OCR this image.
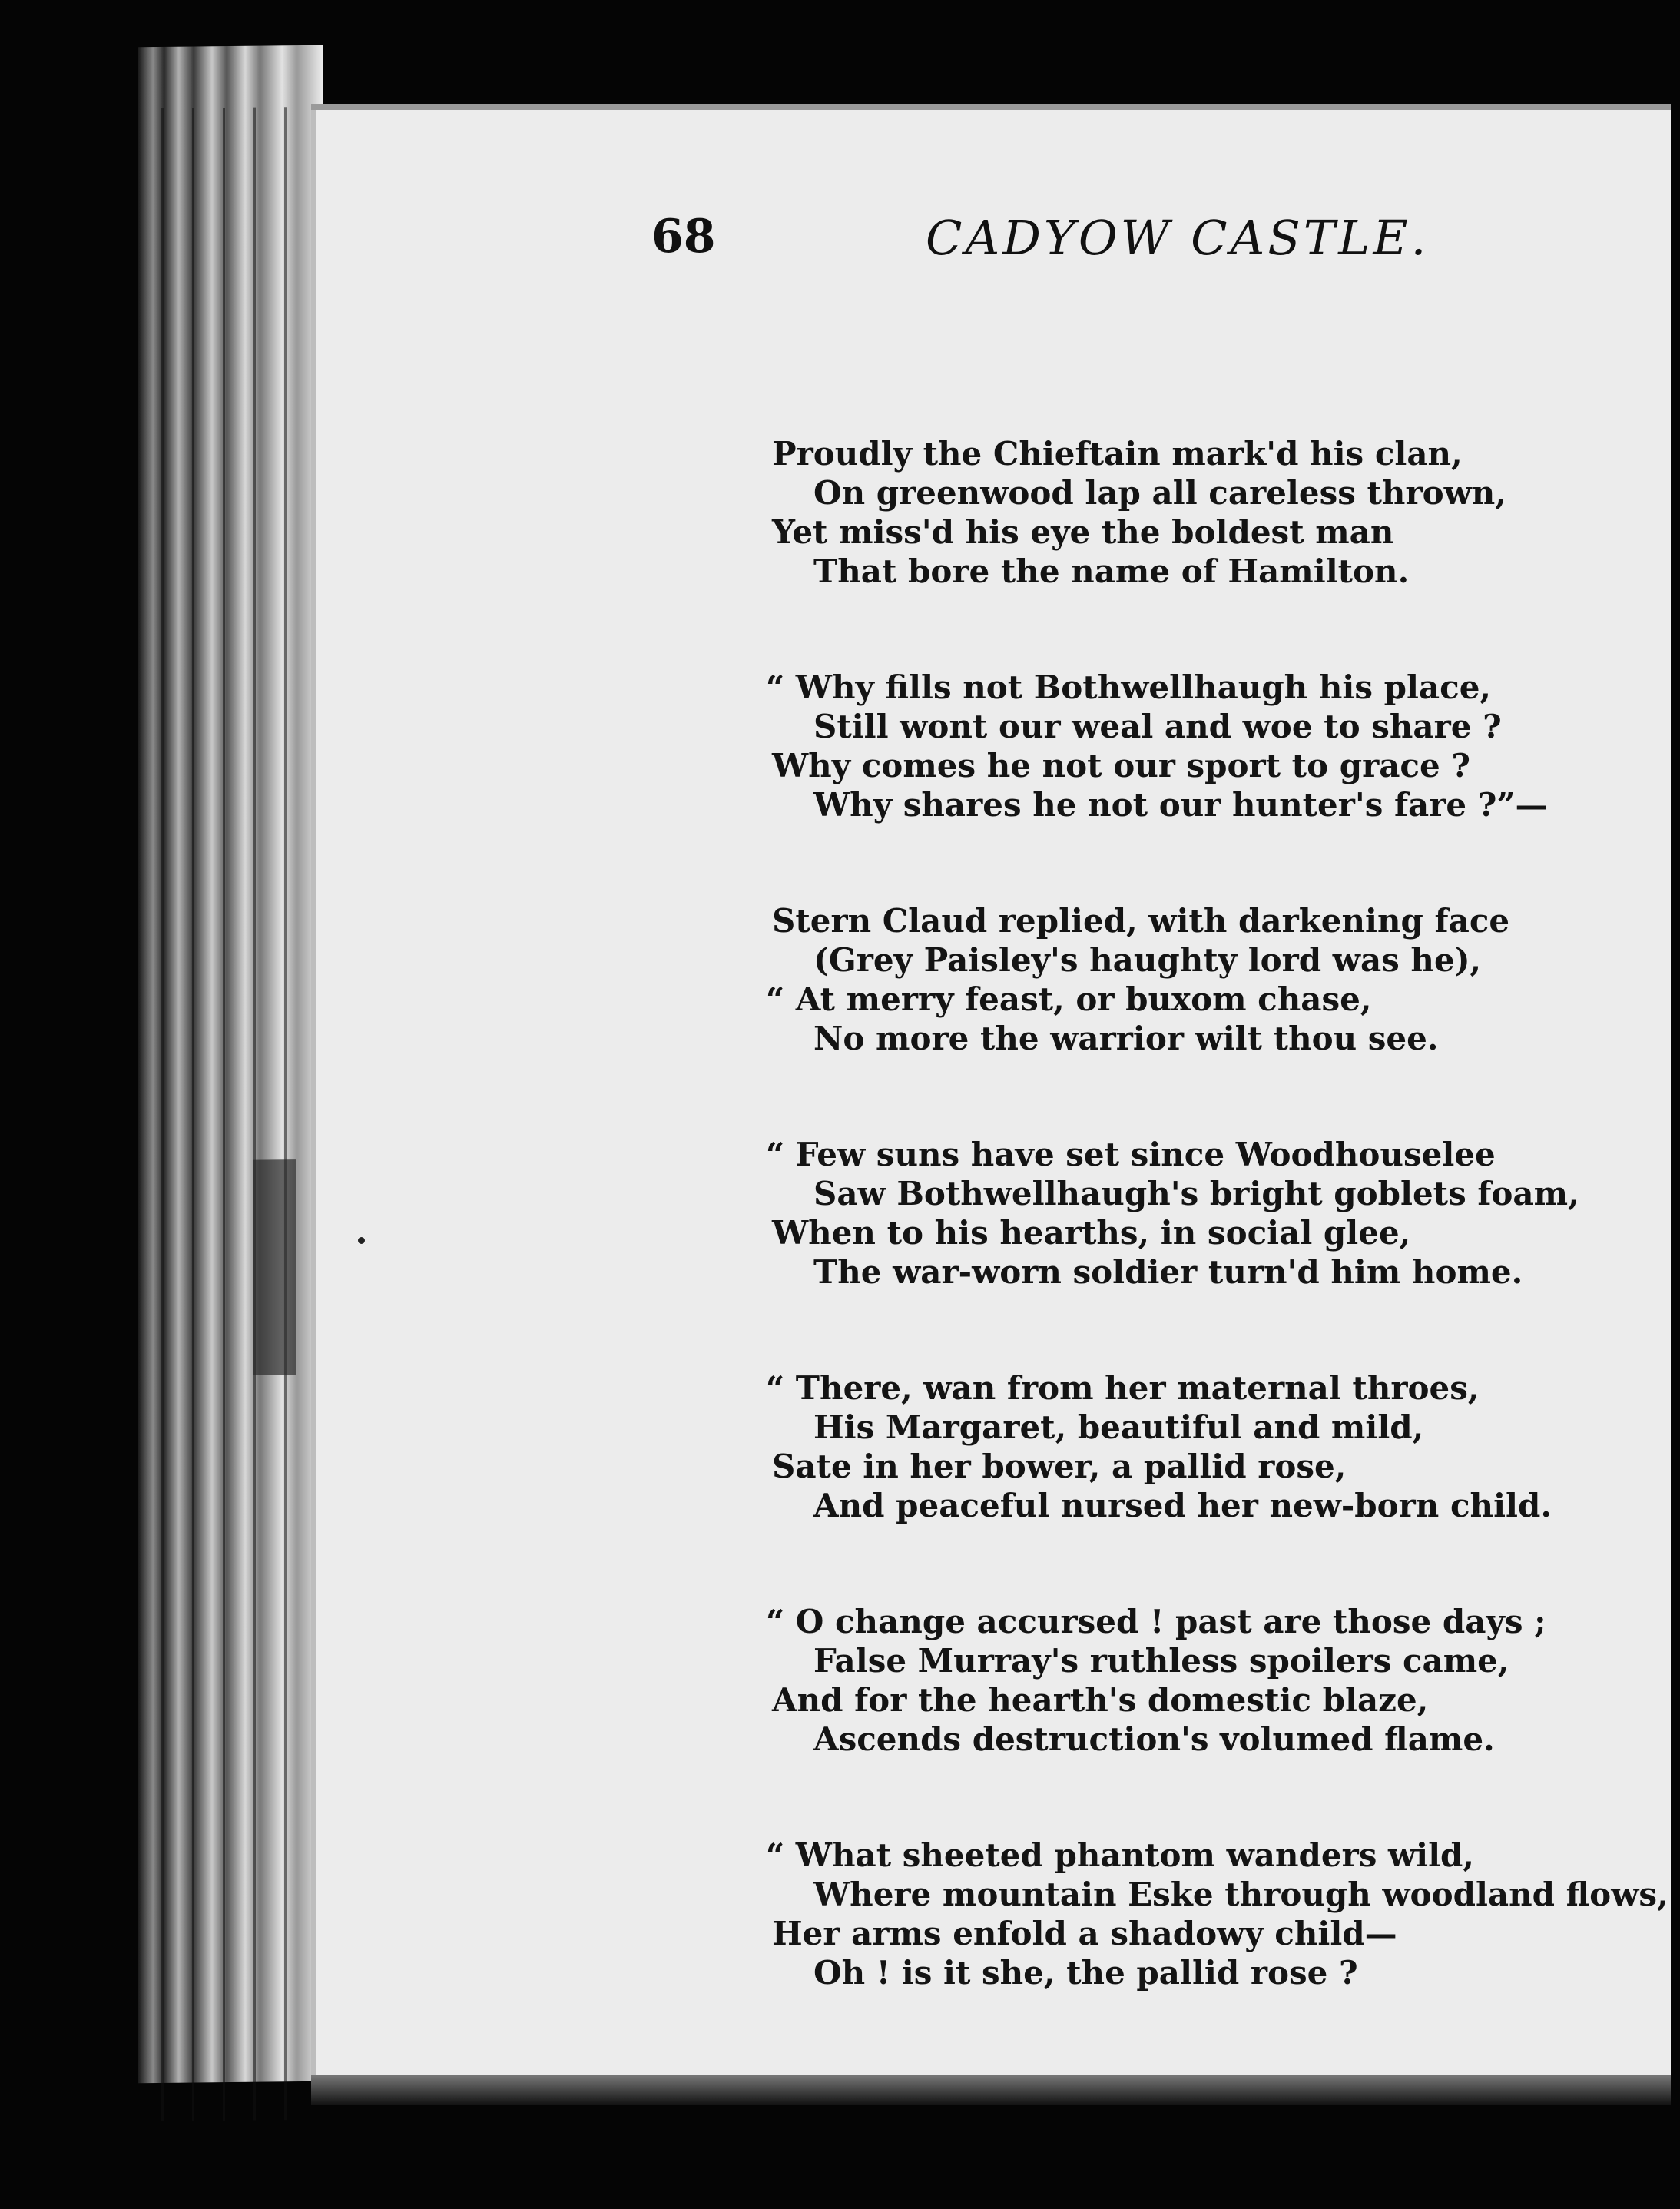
68	CADYOW CASTLE.
Proudly the Chieftain mark'd his clan,
On greenwood lap all careless thrown,
Yet miss'd his eye the boldest man
That bore the name of Hamilton.
“ Why fills not Bothwellhaugh his place,
Still wont our weal and woe to share ?
Why comes he not our sport to grace ?
Why shares he not our hunter's fare ?”—
Stern Claud replied, with darkening face
(Grey Paisley's haughty lord was he),
“ At merry feast, or buxom chase,
No more the warrior wilt thou see.
“ Few suns have set since Woodhouselee
Saw Bothwellhaugh's bright goblets foam,
When to his hearths, in social glee,
The war-worn soldier turn'd him home.
“ There, wan from her maternal throes,
His Margaret, beautiful and mild,
Sate in her bower, a pallid rose,
And peaceful nursed her new-born child.
“ O change accursed ! past are those days ;
False Murray's ruthless spoilers came,
And for the hearth's domestic blaze,
Ascends destruction's volumed flame.
“ What sheeted phantom wanders wild,
Where mountain Eske through woodland flows,
Her arms enfold a shadowy child—
Oh ! is it she, the pallid rose ?
